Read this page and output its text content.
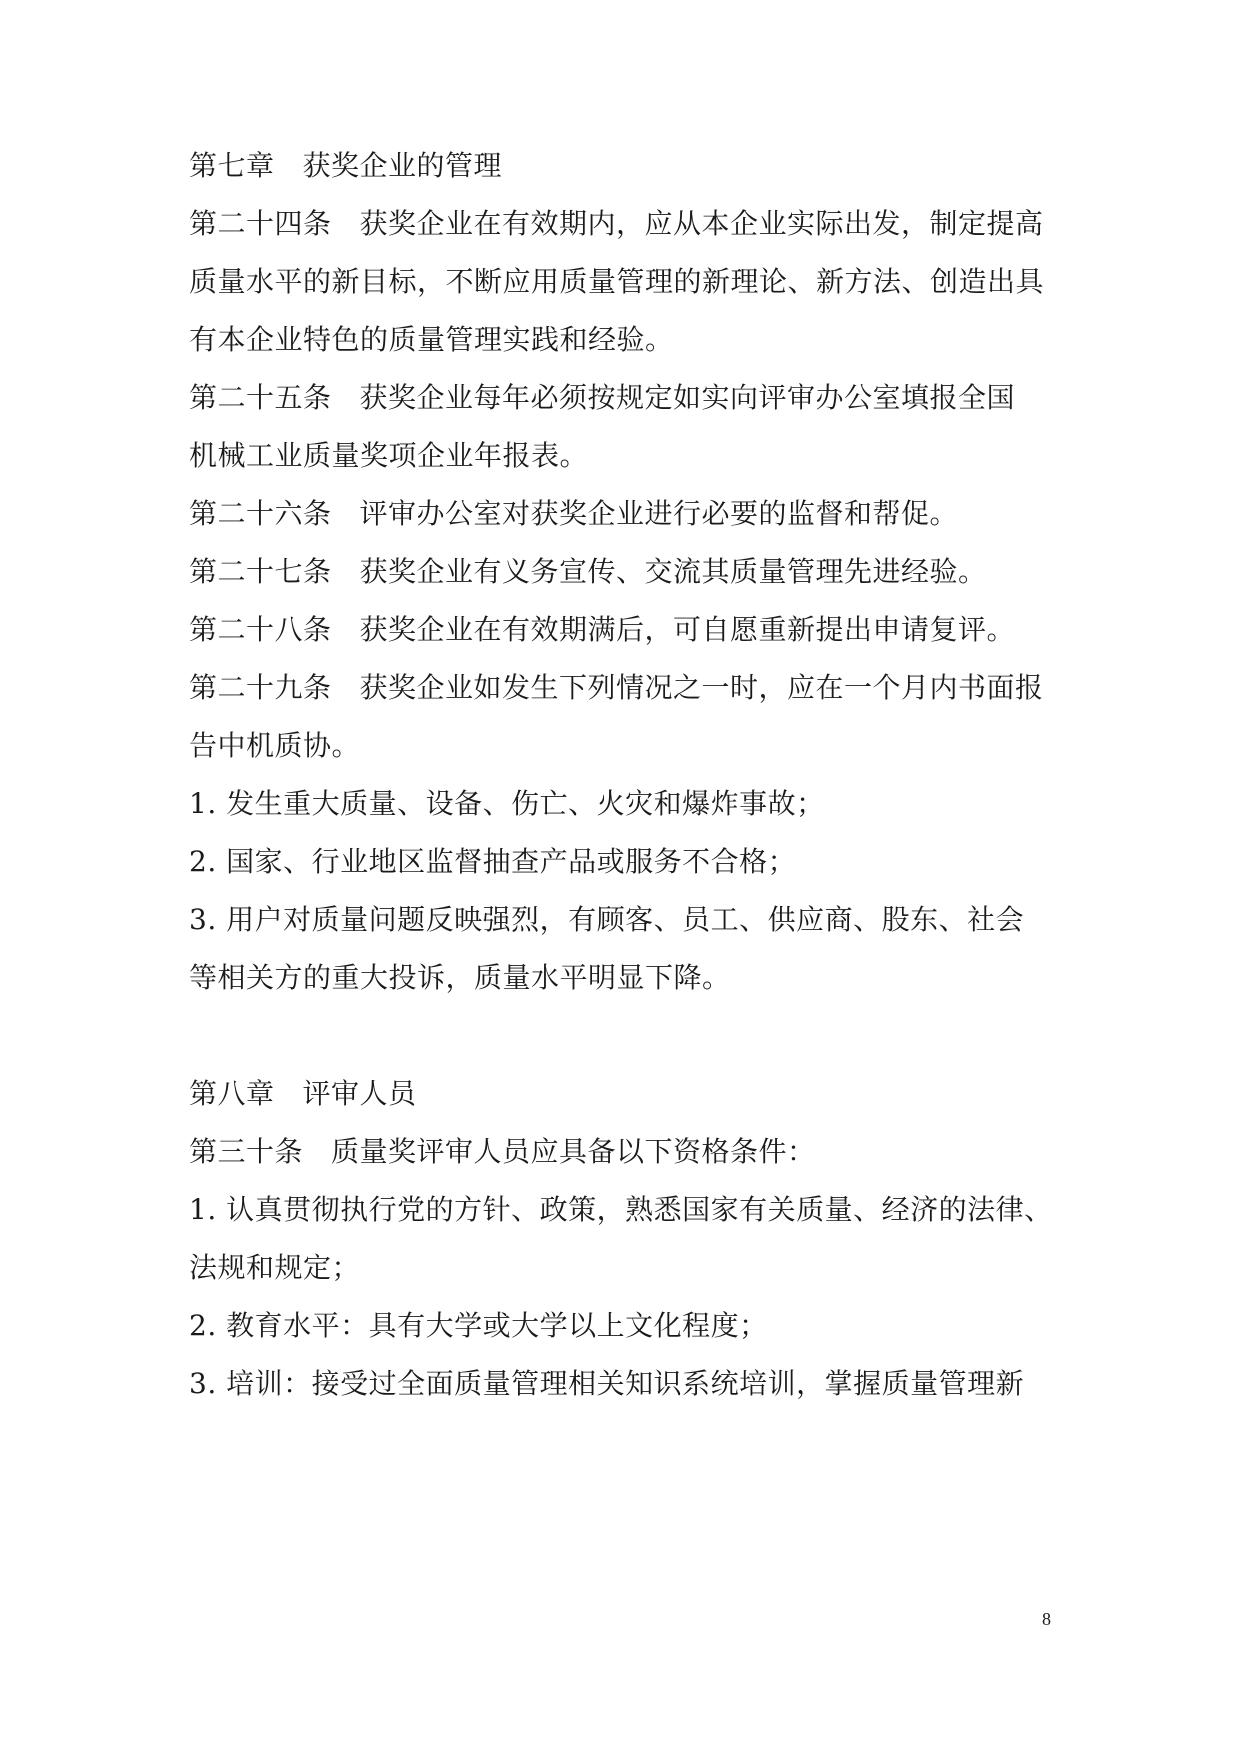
第七章 获奖企业的管理
第二十四条 获奖企业在有效期内，应从本企业实际出发，制定提高
质量水平的新目标，不断应用质量管理的新理论、新方法、创造出具
有本企业特色的质量管理实践和经验。
第二十五条 获奖企业每年必须按规定如实向评审办公室填报全国
机械工业质量奖项企业年报表。
第二十六条 评审办公室对获奖企业进行必要的监督和帮促。
第二十七条 获奖企业有义务宣传、交流其质量管理先进经验。
第二十八条 获奖企业在有效期满后，可自愿重新提出申请复评。
第二十九条 获奖企业如发生下列情况之一时，应在一个月内书面报
告中机质协。
1. 发生重大质量、设备、伤亡、火灾和爆炸事故；
2. 国家、行业地区监督抽查产品或服务不合格；
3. 用户对质量问题反映强烈，有顾客、员工、供应商、股东、社会
等相关方的重大投诉，质量水平明显下降。
第八章 评审人员
第三十条 质量奖评审人员应具备以下资格条件：
1. 认真贯彻执行党的方针、政策，熟悉国家有关质量、经济的法律、
法规和规定；
2. 教育水平：具有大学或大学以上文化程度；
3. 培训：接受过全面质量管理相关知识系统培训，掌握质量管理新
8
